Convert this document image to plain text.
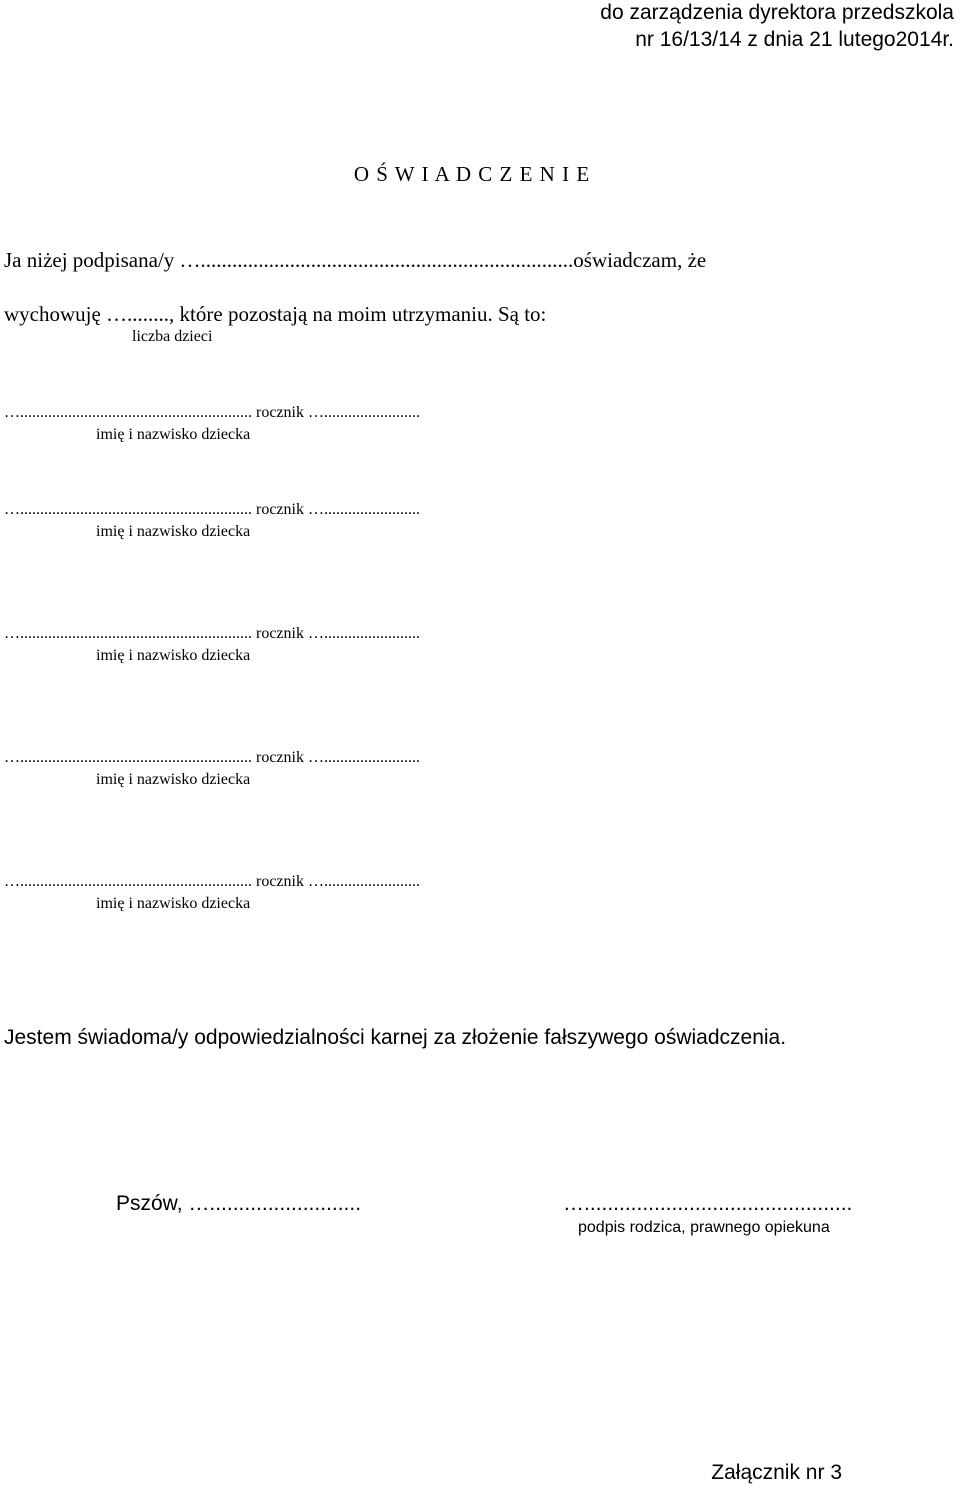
do zarządzenia dyrektora przedszkola
nr 16/13/14 z dnia 21 lutego2014r.
O Ś W I A D C Z E N I E
Ja niżej podpisana/y ….......................................................................oświadczam, że
wychowuję …........, które pozostają na moim utrzymaniu. Są to:
liczba dzieci
….......................................................... rocznik …........................
imię i nazwisko dziecka
….......................................................... rocznik …........................
imię i nazwisko dziecka
….......................................................... rocznik …........................
imię i nazwisko dziecka
….......................................................... rocznik …........................
imię i nazwisko dziecka
….......................................................... rocznik …........................
imię i nazwisko dziecka
Jestem świadoma/y odpowiedzialności karnej za złożenie fałszywego oświadczenia.
Pszów, …..........................	…..............................................
podpis rodzica, prawnego opiekuna
Załącznik nr 3
